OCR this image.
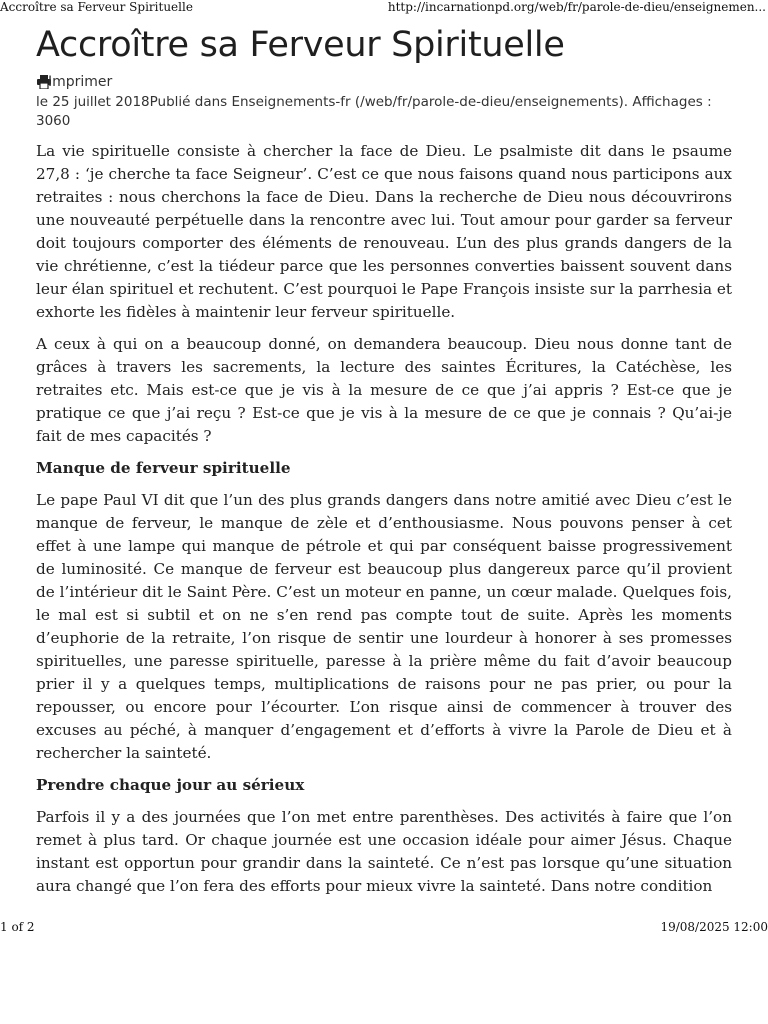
Accroître sa Ferveur Spirituelle	http://incarnationpd.org/web/fr/parole-de-dieu/enseignemen...
Accroître sa Ferveur Spirituelle
Imprimer
le 25 juillet 2018Publié dans Enseignements-fr (/web/fr/parole-de-dieu/enseignements). Affichages : 3060

La vie spirituelle consiste à chercher la face de Dieu. Le psalmiste dit dans le psaume 27,8 : ‘je cherche ta face Seigneur’. C’est ce que nous faisons quand nous participons aux retraites : nous cherchons la face de Dieu. Dans la recherche de Dieu nous découvrirons une nouveauté perpétuelle dans la rencontre avec lui. Tout amour pour garder sa ferveur doit toujours comporter des éléments de renouveau. L’un des plus grands dangers de la vie chrétienne, c’est la tiédeur parce que les personnes converties baissent souvent dans leur élan spirituel et rechutent. C’est pourquoi le Pape François insiste sur la parrhesia et exhorte les fidèles à maintenir leur ferveur spirituelle.

A ceux à qui on a beaucoup donné, on demandera beaucoup. Dieu nous donne tant de grâces à travers les sacrements, la lecture des saintes Écritures, la Catéchèse, les retraites etc. Mais est-ce que je vis à la mesure de ce que j’ai appris ? Est-ce que je pratique ce que j’ai reçu ? Est-ce que je vis à la mesure de ce que je connais ? Qu’ai-je fait de mes capacités ?

Manque de ferveur spirituelle

Le pape Paul VI dit que l’un des plus grands dangers dans notre amitié avec Dieu c’est le manque de ferveur, le manque de zèle et d’enthousiasme. Nous pouvons penser à cet effet à une lampe qui manque de pétrole et qui par conséquent baisse progressivement de luminosité. Ce manque de ferveur est beaucoup plus dangereux parce qu’il provient de l’intérieur dit le Saint Père. C’est un moteur en panne, un cœur malade. Quelques fois, le mal est si subtil et on ne s’en rend pas compte tout de suite. Après les moments d’euphorie de la retraite, l’on risque de sentir une lourdeur à honorer à ses promesses spirituelles, une paresse spirituelle, paresse à la prière même du fait d’avoir beaucoup prier il y a quelques temps, multiplications de raisons pour ne pas prier, ou pour la repousser, ou encore pour l’écourter. L’on risque ainsi de commencer à trouver des excuses au péché, à manquer d’engagement et d’efforts à vivre la Parole de Dieu et à rechercher la sainteté.

Prendre chaque jour au sérieux

Parfois il y a des journées que l’on met entre parenthèses. Des activités à faire que l’on remet à plus tard. Or chaque journée est une occasion idéale pour aimer Jésus. Chaque instant est opportun pour grandir dans la sainteté. Ce n’est pas lorsque qu’une situation aura changé que l’on fera des efforts pour mieux vivre la sainteté. Dans notre condition

1 of 2	19/08/2025 12:00
